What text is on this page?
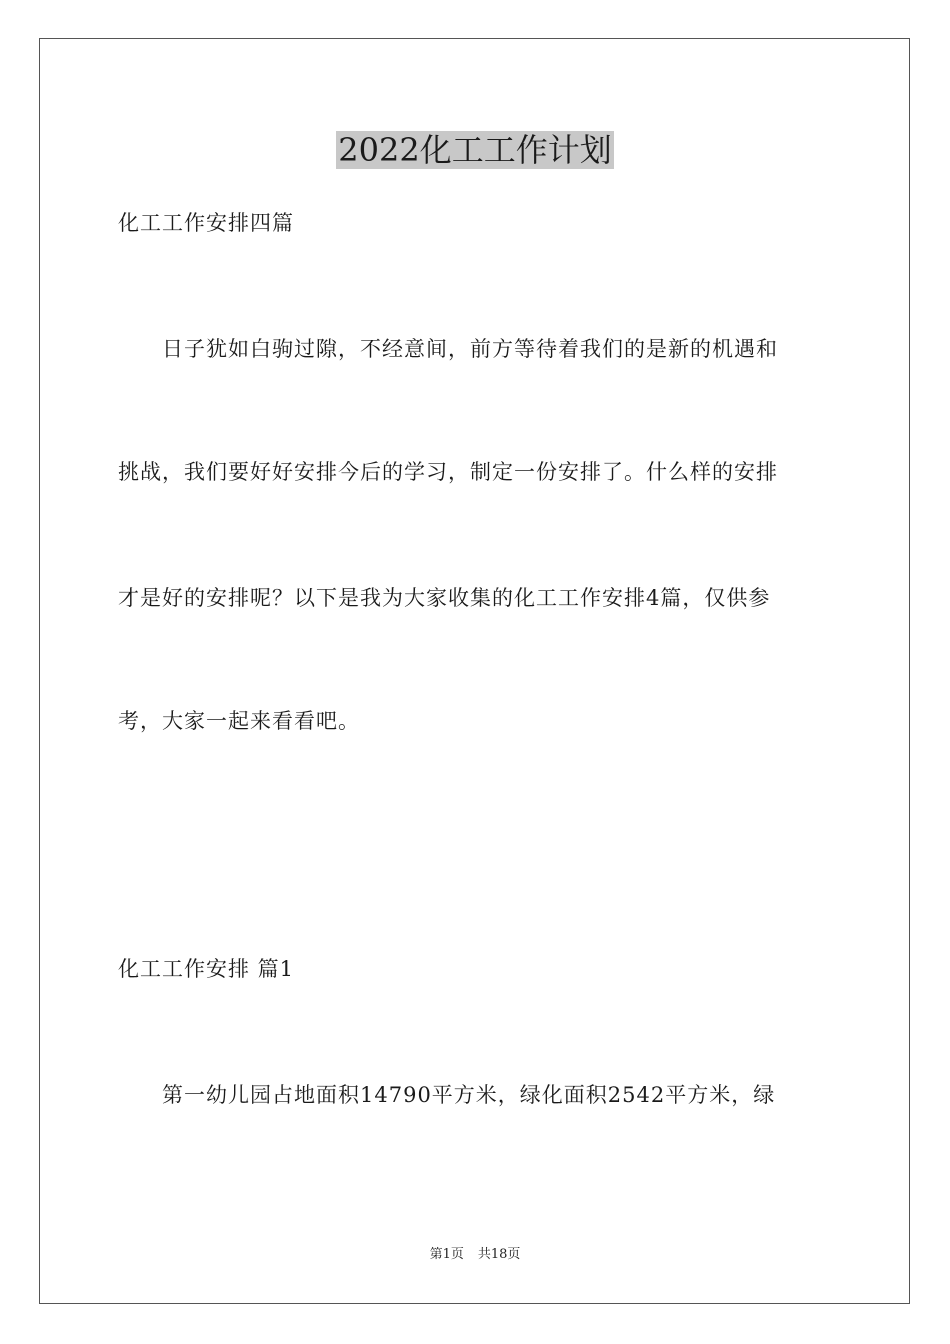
2022化工工作计划
化工工作安排四篇
　　日子犹如白驹过隙，不经意间，前方等待着我们的是新的机遇和
挑战，我们要好好安排今后的学习，制定一份安排了。什么样的安排
才是好的安排呢？以下是我为大家收集的化工工作安排4篇，仅供参
考，大家一起来看看吧。
化工工作安排 篇1
　　第一幼儿园占地面积14790平方米，绿化面积2542平方米，绿
第1页 共18页
